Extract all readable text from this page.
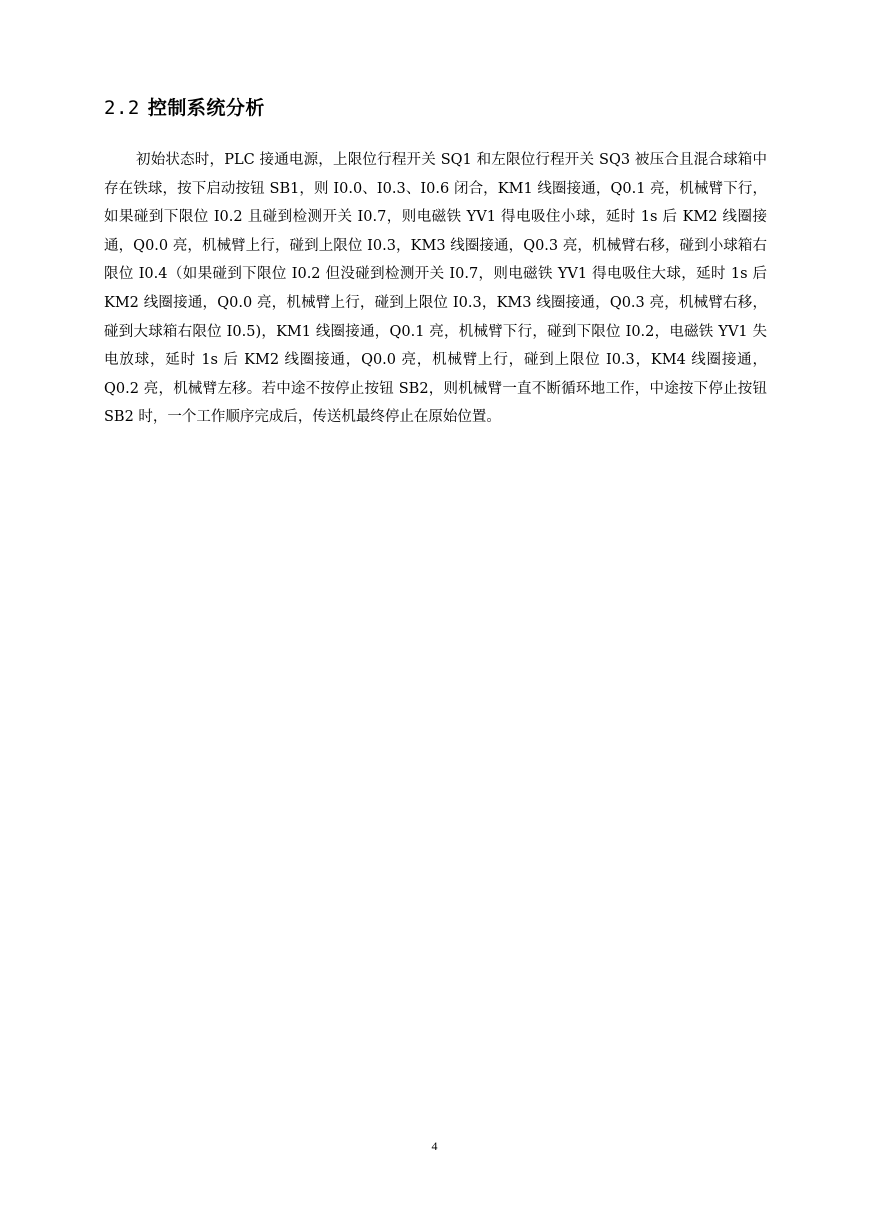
2.2 控制系统分析

初始状态时，PLC 接通电源，上限位行程开关 SQ1 和左限位行程开关 SQ3 被压合且混合球箱中存在铁球，按下启动按钮 SB1，则 I0.0、I0.3、I0.6 闭合，KM1 线圈接通，Q0.1 亮，机械臂下行，如果碰到下限位 I0.2 且碰到检测开关 I0.7，则电磁铁 YV1 得电吸住小球，延时 1s 后 KM2 线圈接通，Q0.0 亮，机械臂上行，碰到上限位 I0.3，KM3 线圈接通，Q0.3 亮，机械臂右移，碰到小球箱右限位 I0.4（如果碰到下限位 I0.2 但没碰到检测开关 I0.7，则电磁铁 YV1 得电吸住大球，延时 1s 后 KM2 线圈接通，Q0.0 亮，机械臂上行，碰到上限位 I0.3，KM3 线圈接通，Q0.3 亮，机械臂右移，碰到大球箱右限位 I0.5)，KM1 线圈接通，Q0.1 亮，机械臂下行，碰到下限位 I0.2，电磁铁 YV1 失电放球，延时 1s 后 KM2 线圈接通，Q0.0 亮，机械臂上行，碰到上限位 I0.3，KM4 线圈接通，Q0.2 亮，机械臂左移。若中途不按停止按钮 SB2，则机械臂一直不断循环地工作，中途按下停止按钮 SB2 时，一个工作顺序完成后，传送机最终停止在原始位置。

4
